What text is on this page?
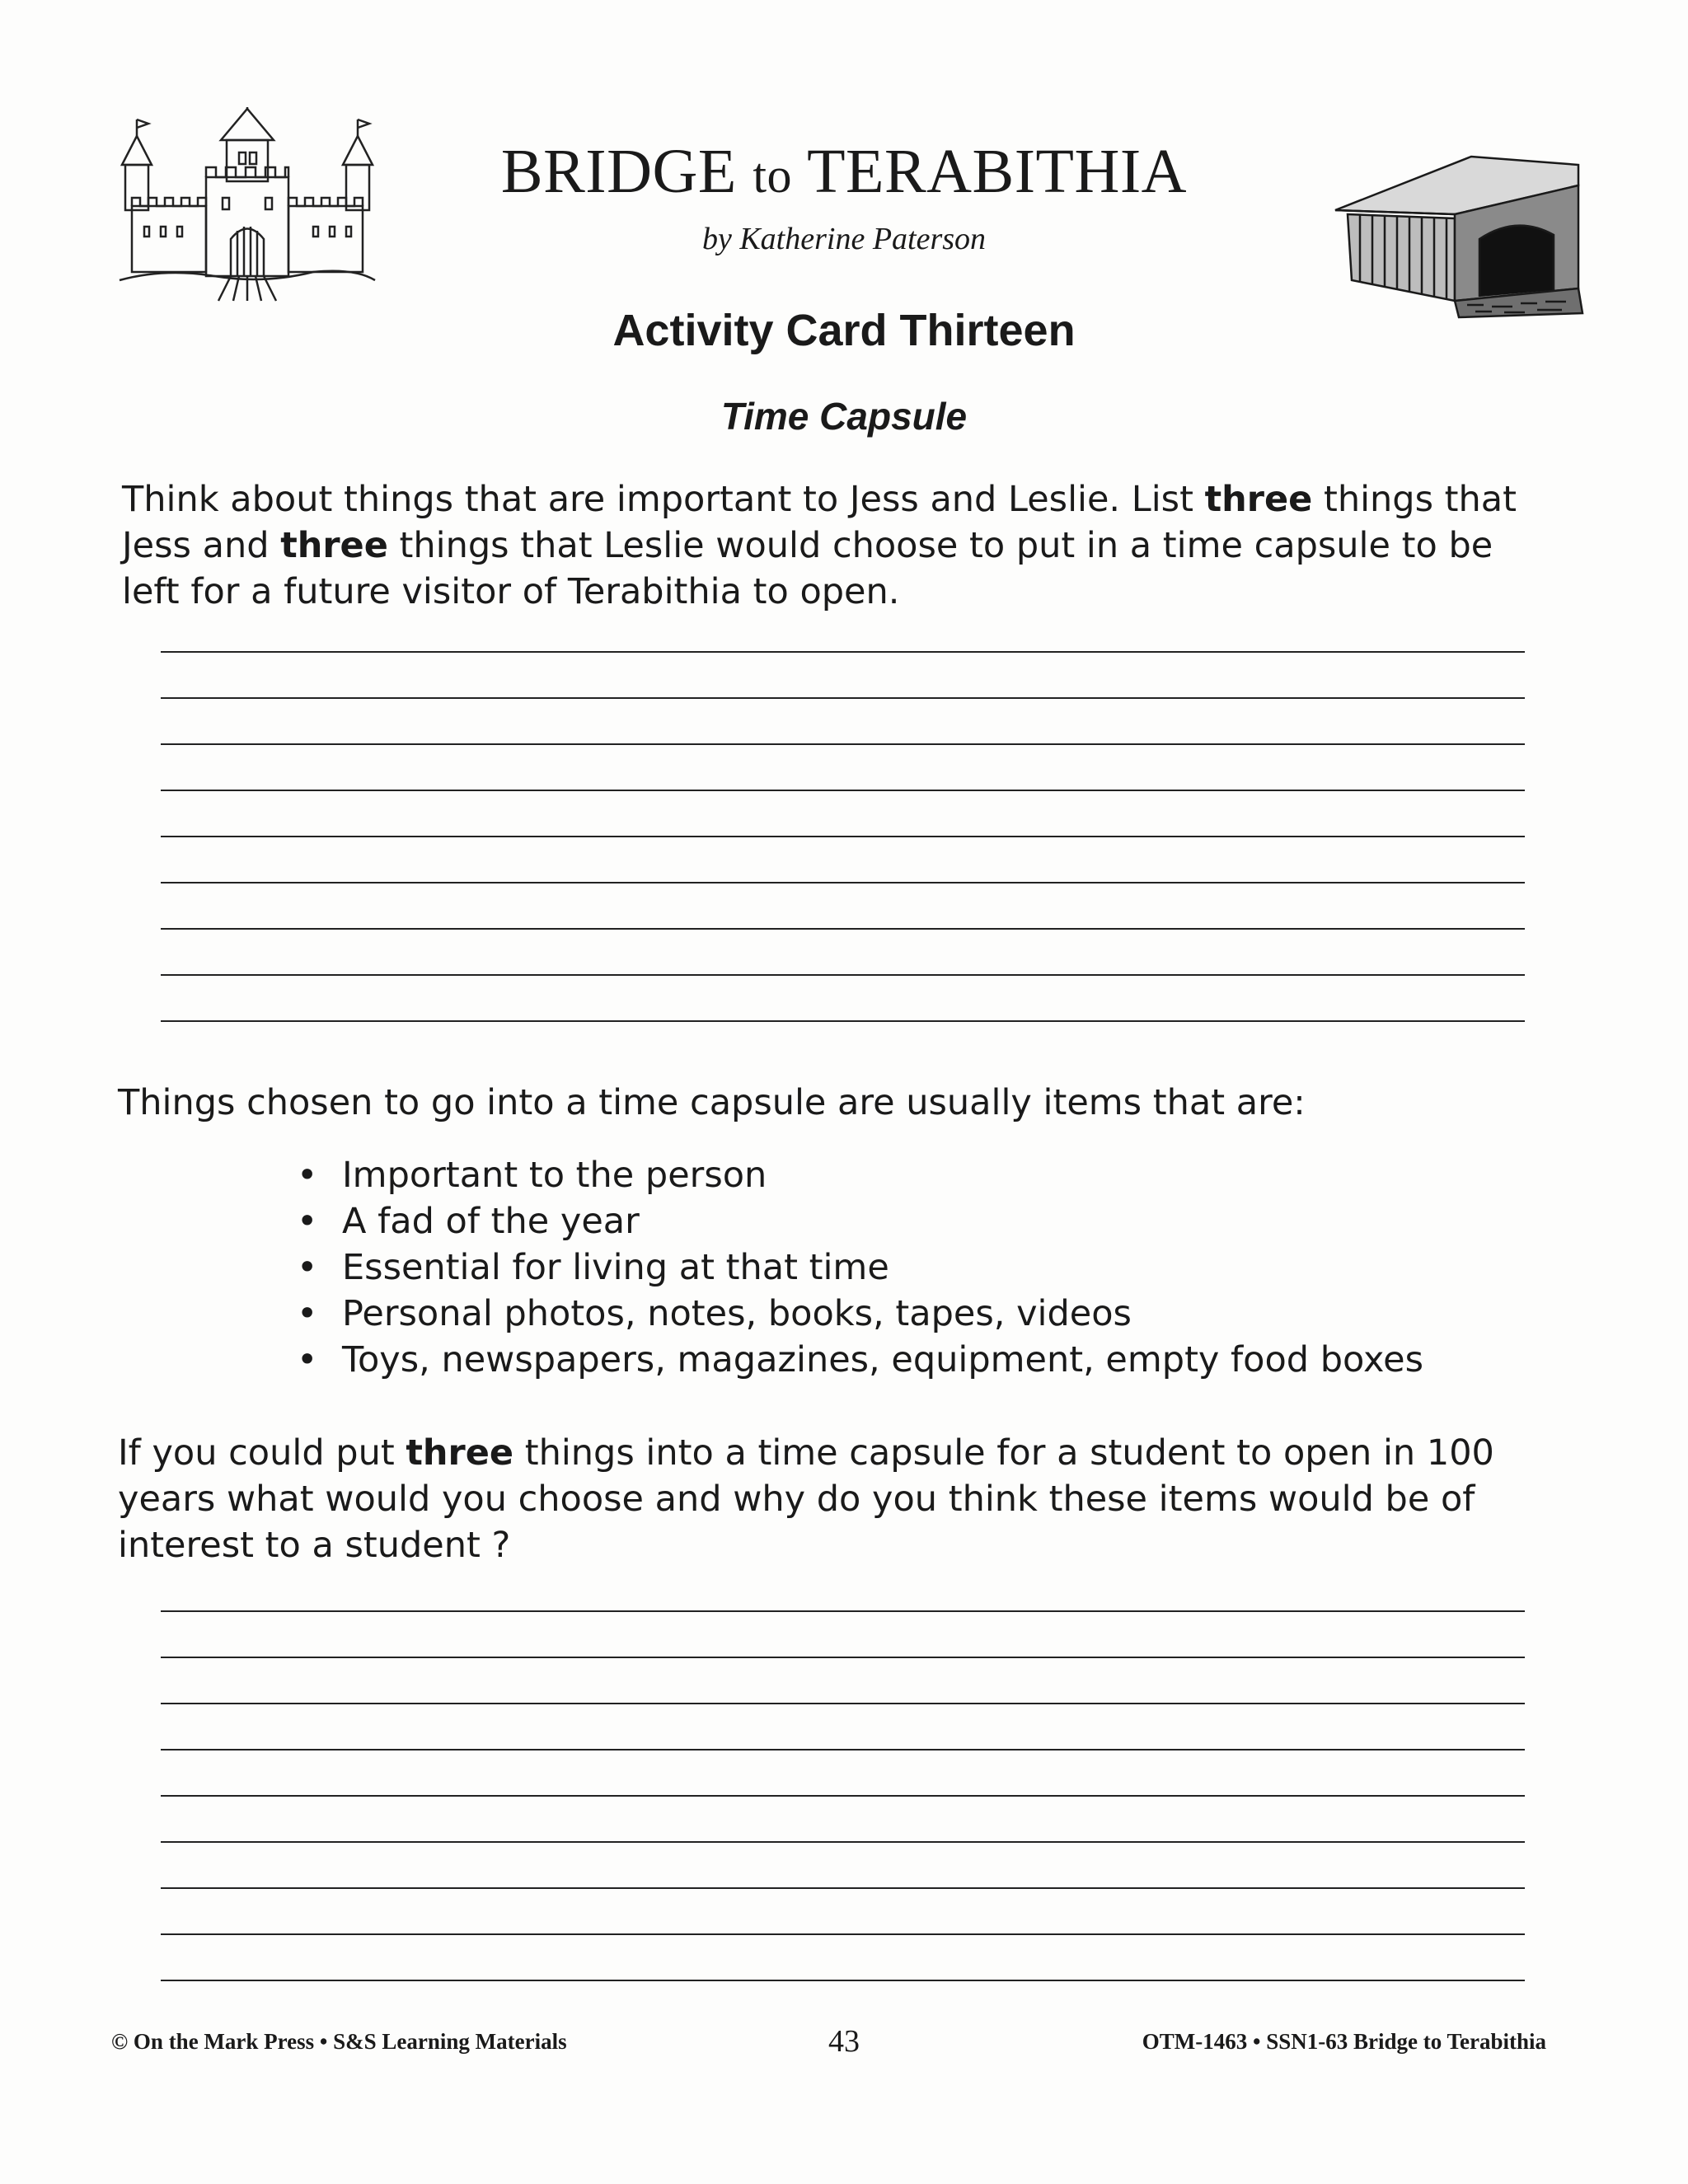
BRIDGE to TERABITHIA
by Katherine Paterson
Activity Card Thirteen
Time Capsule
Think about things that are important to Jess and Leslie. List three things that Jess and three things that Leslie would choose to put in a time capsule to be left for a future visitor of Terabithia to open.
Things chosen to go into a time capsule are usually items that are:
• Important to the person
• A fad of the year
• Essential for living at that time
• Personal photos, notes, books, tapes, videos
• Toys, newspapers, magazines, equipment, empty food boxes
If you could put three things into a time capsule for a student to open in 100 years what would you choose and why do you think these items would be of interest to a student ?
© On the Mark Press • S&S Learning Materials	43	OTM-1463 • SSN1-63 Bridge to Terabithia
